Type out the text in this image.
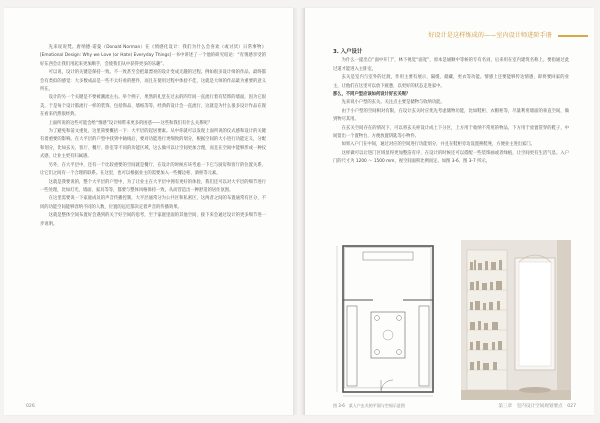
先来说说梵。唐纳德·诺曼（Donald Norman）在《情感化设计：我们为什么会喜欢（或讨厌）日常事物》[Emotional Design: Why we Love (or Hate) Everyday Things]一书中讲述了一个他的研究结论：“有情感享受的好东西会让我们用起来更加顺手，会使我们从中获得更多的乐趣”。

可以说，设计的关键是保持一致。不一致甚至会把最漂亮的设计变成无趣的过程。例如很多设计师的作品，最终都会有类似的感觉：大多数成品是一些不太好看的摆件，而且在使用过程中体验不佳，这就是大师的作品最为重要的意义所在。

设计的另一个关键是不要被潮流左右。举个例子，果然的礼堂在过去的四年间一直流行着有装饰的墙面，因为它很美，于是每个设计都流行一样的装饰，包括饰品、墙纸等等，经典的设计会一直流行，这就是为什么很多设计作品在现在看来仍然很经典。

上面所说的这些可能会给“情感”设计师带来更多的困惑——这些和我们有什么关系呢？

为了避免和前文重复，这里简要概括一下：大平层的起居要素。从中你就可以发现上面所说的仪式感和设计的关键有着重要的影响。在大平层的户型中找到中轴线后，要对功能进行更细致的划分，根据空间的大小进行功能定义，分配和划分，比如玄关、客厅、餐厅、卧室等不同的功能区域，这么做可以让空间更加合理，而且在空间中能够形成一种仪式感，让业主更有归属感。

另外，在大平层中，还有一个比较重要的空间就是餐厅，在设计的时候应该考虑一下它与厨房和客厅的位置关系，让它们之间有一个合理的联系。在这里，也可以根据业主的需要加入一些餐边柜、酒柜等元素。

这就是我要说的，整个大平层的户型中，为了让业主在大平层中拥有更好的体验，我们还可以对大平层的细节进行一些处理，比如灯光、墙面、家具等等，都要与整体风格保持一致，从而营造出一种舒适的居住氛围。

在这里需要说一下家庭成员的声音传播控制，大平层通常分为公共区和私密区，这两者之间的布置通常有区分，不同的功能空间能够容纳不同的人数，位置的远近都决定着声音的传播效果。

这就是整体空间布置好会遇到的关于好空间的思考，至于家庭里面的其他空间，接下来会通过设计的更多细节进一步说明。

026
好设计是这样炼成的——室内设计师进阶手册

3. 入户设计

为什么一提出自“面中开门”，林下视觉“面宽”，原本是通顺中等候的专有名词，后来用在室内建筑名称上，要指通过此过道才能进入主卧室。

玄关是室内与室外的过渡，作用主要有展示、隔缓、储藏，更衣等功能。情感上还要能够传达情感，即将要回家的业主，让他们在这里可以放下疲惫，以更好的状态走进家中。

那么，不同户型应该如何设计好玄关呢？

先来说小户型的玄关。关注点主要是储物与收纳功能。

由于小户型的空间相对有限，在设计玄关时应优先考虑储物功能，比如鞋柜、衣帽柜等，尽量利用墙面的垂直空间，做到物尽其用。

在玄关空间存在的情况下，可以将玄关柜设计成上下分区，上方用于收纳不常用的物品，下方用于放置常穿的鞋子，中间留出一个置物台，方便放置钥匙等小物件。

如果入户门在中间，通过对应的空间进行功能划分，并且在鞋柜旁边设置换鞋凳，方便业主进出家门。

这样做可以让进门区域显得更加整洁有序，在设计的时候还可以搭配一些装饰画或者绿植，让空间更有生活气息。入户门的尺寸为 1200 ～ 1500 mm，视空间面积比例而定。如图 3-6、图 3-7 所示。

图 3-6　某入户玄关的平面与空间示意图	第三章　室内设计空间规划要点　027
